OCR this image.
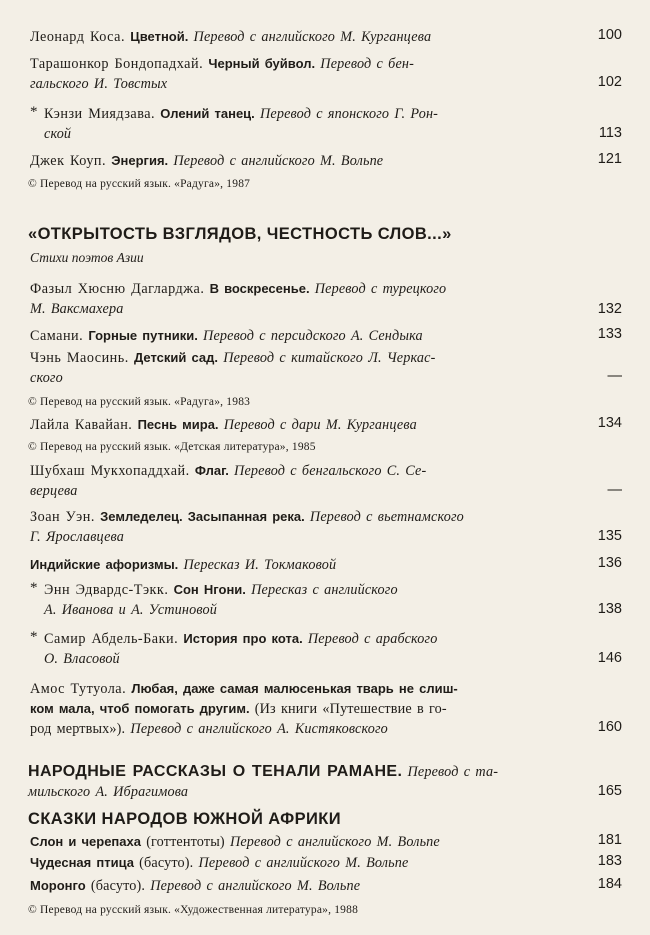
Леонард Коса. Цветной. Перевод с английского М. Курганцева	100
Тарашонкор Бондопадхай. Черный буйвол. Перевод с бен-
гальского И. Товстых	102
* Кэнзи Миядзава. Олений танец. Перевод с японского Г. Рон-
ской	113
Джек Коуп. Энергия. Перевод с английского М. Вольпе	121
© Перевод на русский язык. «Радуга», 1987
«ОТКРЫТОСТЬ ВЗГЛЯДОВ, ЧЕСТНОСТЬ СЛОВ...»
Стихи поэтов Азии
Фазыл Хюсню Дагларджа. В воскресенье. Перевод с турецкого
М. Ваксмахера	132
Самани. Горные путники. Перевод с персидского А. Сендыка	133
Чэнь Маосинь. Детский сад. Перевод с китайского Л. Черкас-
ского	—
© Перевод на русский язык. «Радуга», 1983
Лайла Кавайан. Песнь мира. Перевод с дари М. Курганцева	134
© Перевод на русский язык. «Детская литература», 1985
Шубхаш Мукхопаддхай. Флаг. Перевод с бенгальского С. Се-
верцева	—
Зоан Уэн. Земледелец. Засыпанная река. Перевод с вьетнамского
Г. Ярославцева	135
Индийские афоризмы. Пересказ И. Токмаковой	136
* Энн Эдвардс-Тэкк. Сон Нгони. Пересказ с английского
А. Иванова и А. Устиновой	138
* Самир Абдель-Баки. История про кота. Перевод с арабского
О. Власовой	146
Амос Тутуола. Любая, даже самая малюсенькая тварь не слиш-
ком мала, чтоб помогать другим. (Из книги «Путешествие в го-
род мертвых»). Перевод с английского А. Кистяковского	160
НАРОДНЫЕ РАССКАЗЫ О ТЕНАЛИ РАМАНЕ. Перевод с та-
мильского А. Ибрагимова	165
СКАЗКИ НАРОДОВ ЮЖНОЙ АФРИКИ
Слон и черепаха (готтентоты) Перевод с английского М. Вольпе	181
Чудесная птица (басуто). Перевод с английского М. Вольпе	183
Моронго (басуто). Перевод с английского М. Вольпе	184
© Перевод на русский язык. «Художественная литература», 1988
